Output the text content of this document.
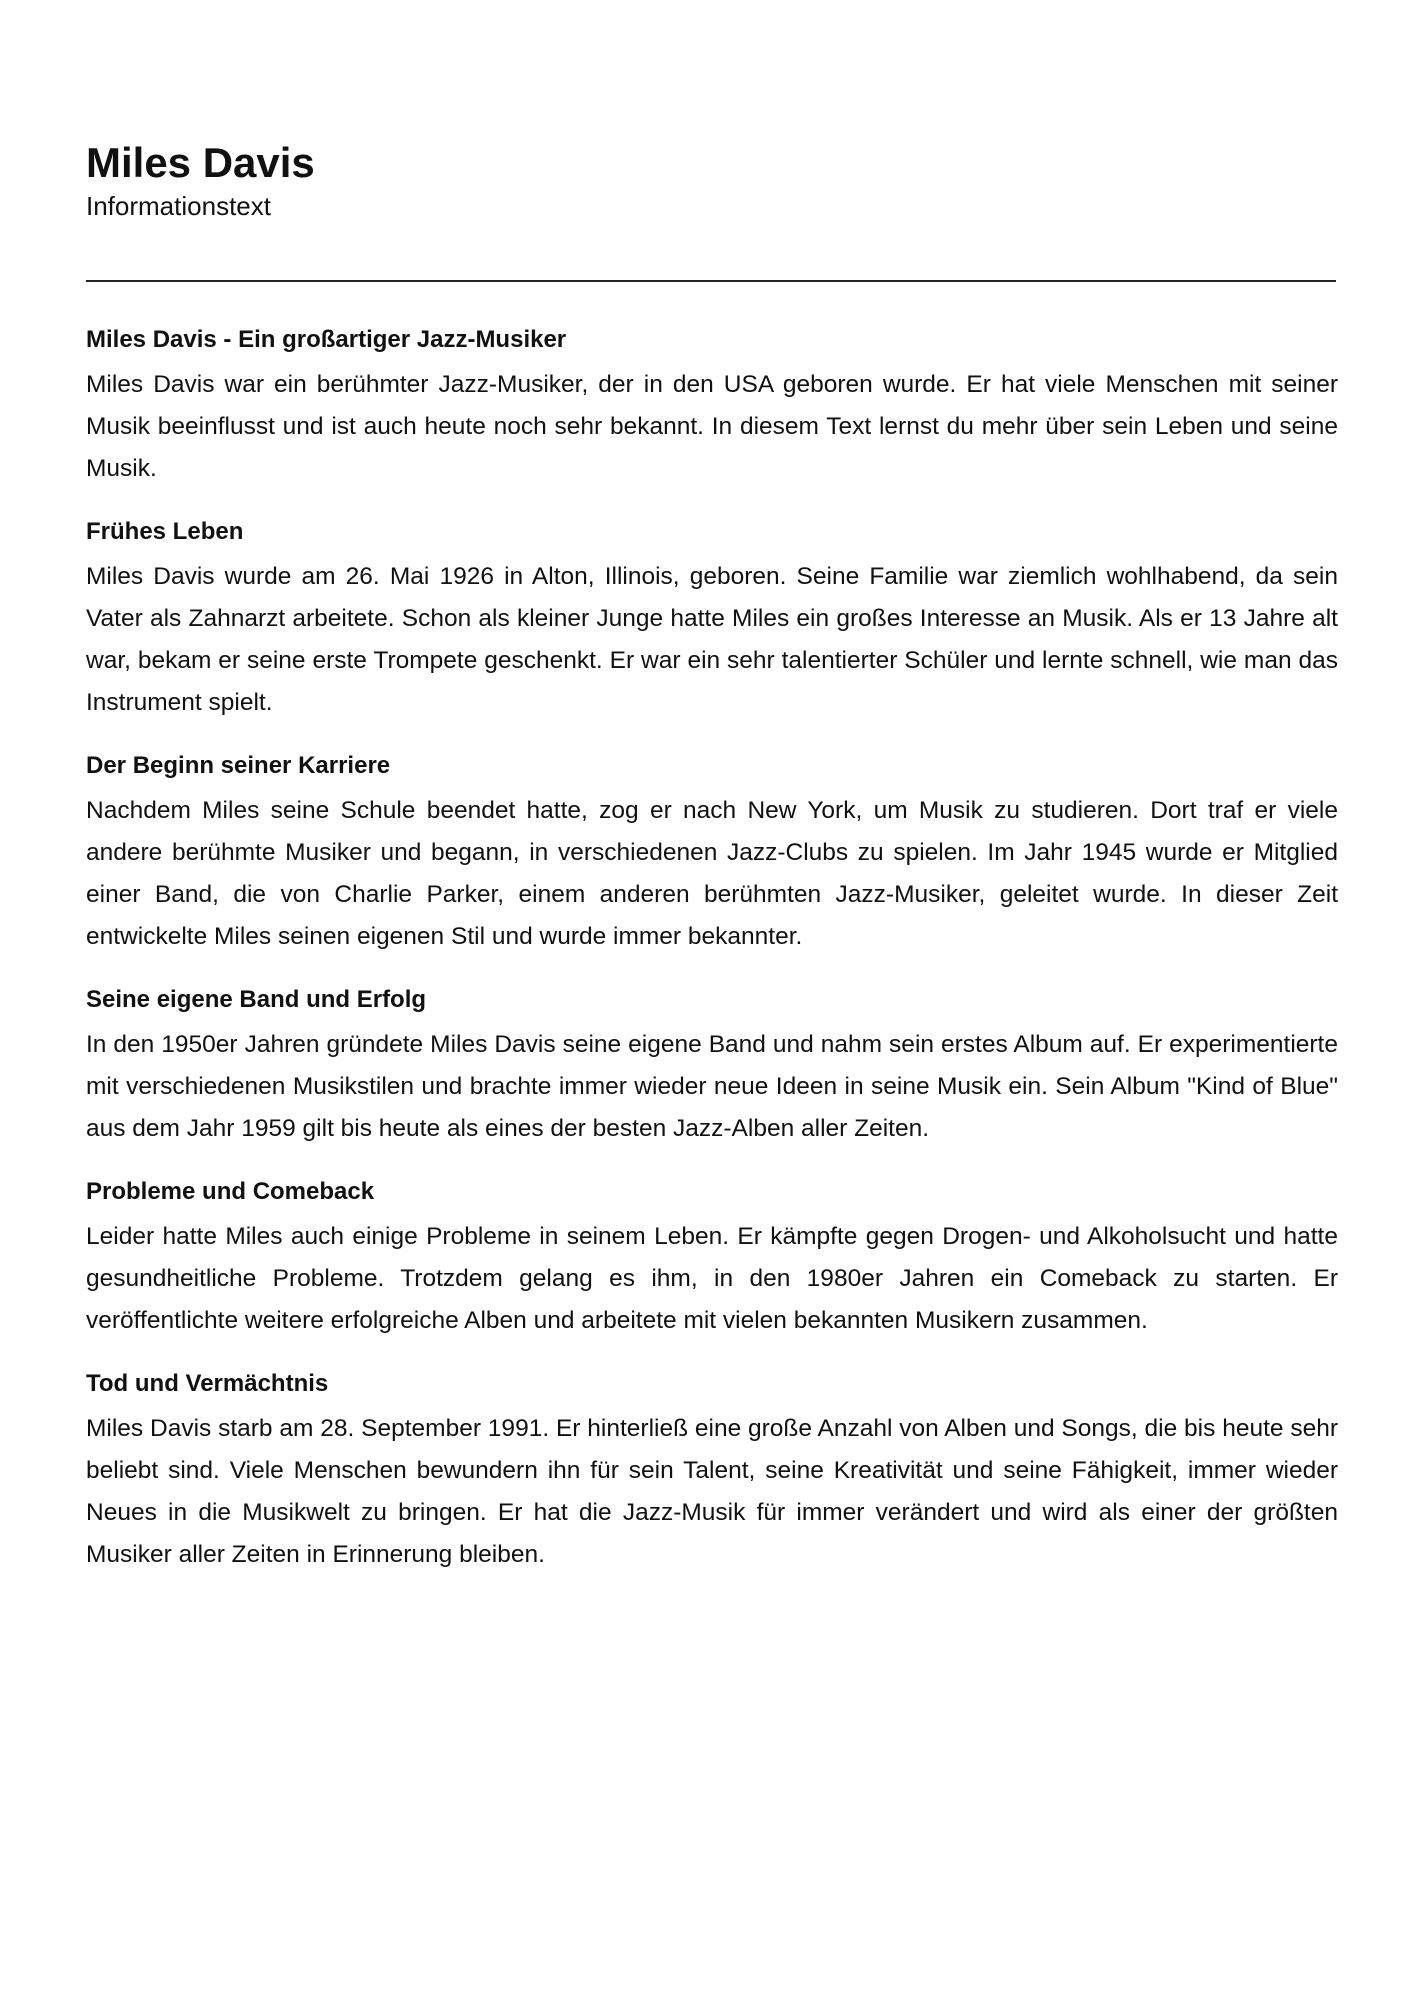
Miles Davis
Informationstext
Miles Davis - Ein großartiger Jazz-Musiker

Miles Davis war ein berühmter Jazz-Musiker, der in den USA geboren wurde. Er hat viele Menschen mit seiner Musik beeinflusst und ist auch heute noch sehr bekannt. In diesem Text lernst du mehr über sein Leben und seine Musik.

Frühes Leben

Miles Davis wurde am 26. Mai 1926 in Alton, Illinois, geboren. Seine Familie war ziemlich wohlhabend, da sein Vater als Zahnarzt arbeitete. Schon als kleiner Junge hatte Miles ein großes Interesse an Musik. Als er 13 Jahre alt war, bekam er seine erste Trompete geschenkt. Er war ein sehr talentierter Schüler und lernte schnell, wie man das Instrument spielt.

Der Beginn seiner Karriere

Nachdem Miles seine Schule beendet hatte, zog er nach New York, um Musik zu studieren. Dort traf er viele andere berühmte Musiker und begann, in verschiedenen Jazz-Clubs zu spielen. Im Jahr 1945 wurde er Mitglied einer Band, die von Charlie Parker, einem anderen berühmten Jazz-Musiker, geleitet wurde. In dieser Zeit entwickelte Miles seinen eigenen Stil und wurde immer bekannter.

Seine eigene Band und Erfolg

In den 1950er Jahren gründete Miles Davis seine eigene Band und nahm sein erstes Album auf. Er experimentierte mit verschiedenen Musikstilen und brachte immer wieder neue Ideen in seine Musik ein. Sein Album "Kind of Blue" aus dem Jahr 1959 gilt bis heute als eines der besten Jazz-Alben aller Zeiten.

Probleme und Comeback

Leider hatte Miles auch einige Probleme in seinem Leben. Er kämpfte gegen Drogen- und Alkoholsucht und hatte gesundheitliche Probleme. Trotzdem gelang es ihm, in den 1980er Jahren ein Comeback zu starten. Er veröffentlichte weitere erfolgreiche Alben und arbeitete mit vielen bekannten Musikern zusammen.

Tod und Vermächtnis

Miles Davis starb am 28. September 1991. Er hinterließ eine große Anzahl von Alben und Songs, die bis heute sehr beliebt sind. Viele Menschen bewundern ihn für sein Talent, seine Kreativität und seine Fähigkeit, immer wieder Neues in die Musikwelt zu bringen. Er hat die Jazz-Musik für immer verändert und wird als einer der größten Musiker aller Zeiten in Erinnerung bleiben.
